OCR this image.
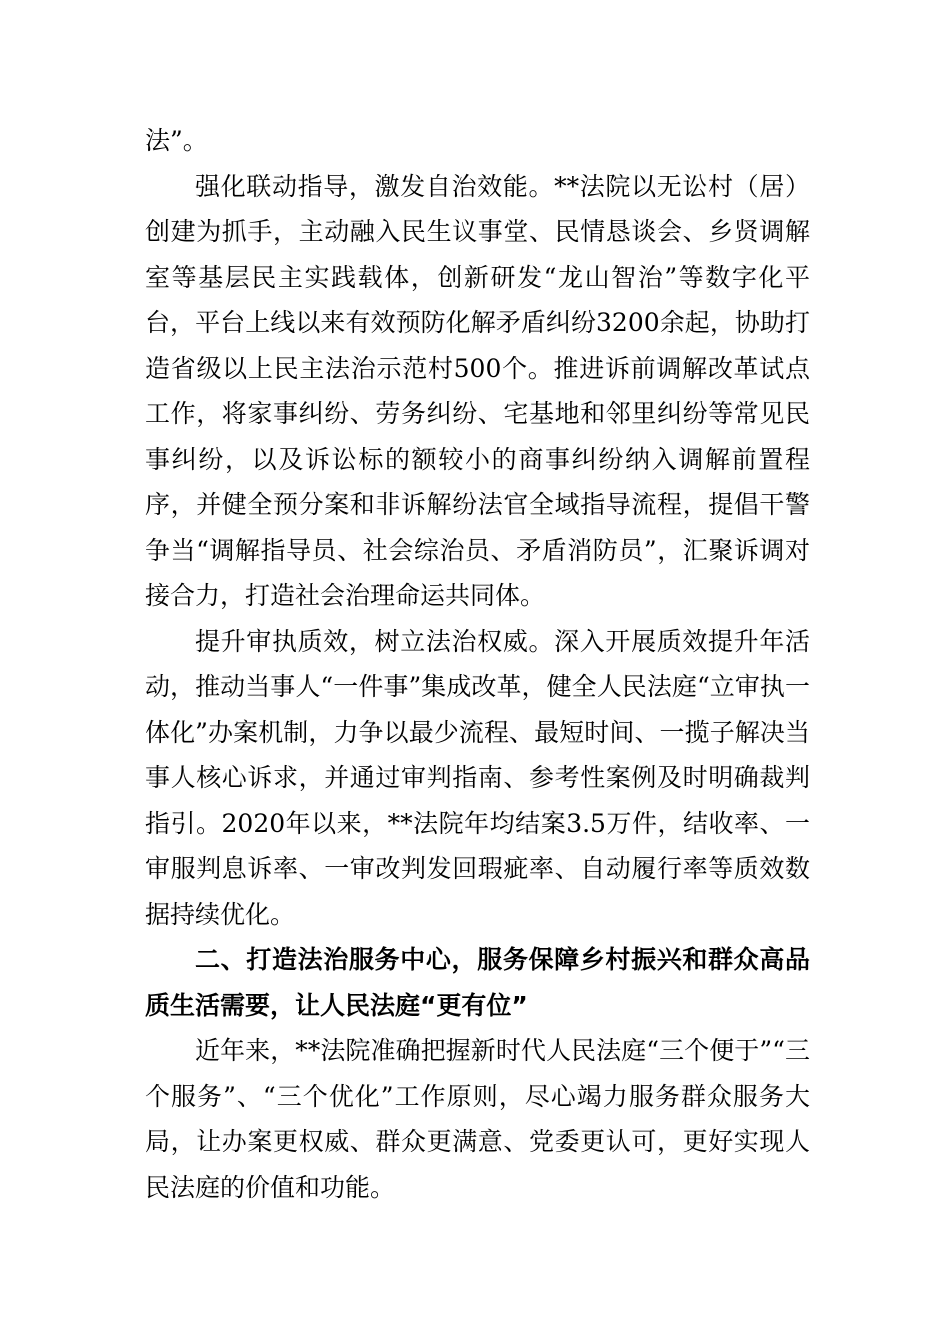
法”。

强化联动指导，激发自治效能。**法院以无讼村（居）创建为抓手，主动融入民生议事堂、民情恳谈会、乡贤调解室等基层民主实践载体，创新研发“龙山智治”等数字化平台，平台上线以来有效预防化解矛盾纠纷3200余起，协助打造省级以上民主法治示范村500个。推进诉前调解改革试点工作，将家事纠纷、劳务纠纷、宅基地和邻里纠纷等常见民事纠纷，以及诉讼标的额较小的商事纠纷纳入调解前置程序，并健全预分案和非诉解纷法官全域指导流程，提倡干警争当“调解指导员、社会综治员、矛盾消防员”，汇聚诉调对接合力，打造社会治理命运共同体。

提升审执质效，树立法治权威。深入开展质效提升年活动，推动当事人“一件事”集成改革，健全人民法庭“立审执一体化”办案机制，力争以最少流程、最短时间、一揽子解决当事人核心诉求，并通过审判指南、参考性案例及时明确裁判指引。2020年以来，**法院年均结案3.5万件，结收率、一审服判息诉率、一审改判发回瑕疵率、自动履行率等质效数据持续优化。

二、打造法治服务中心，服务保障乡村振兴和群众高品质生活需要，让人民法庭“更有位”

近年来，**法院准确把握新时代人民法庭“三个便于”“三个服务”、“三个优化”工作原则，尽心竭力服务群众服务大局，让办案更权威、群众更满意、党委更认可，更好实现人民法庭的价值和功能。
